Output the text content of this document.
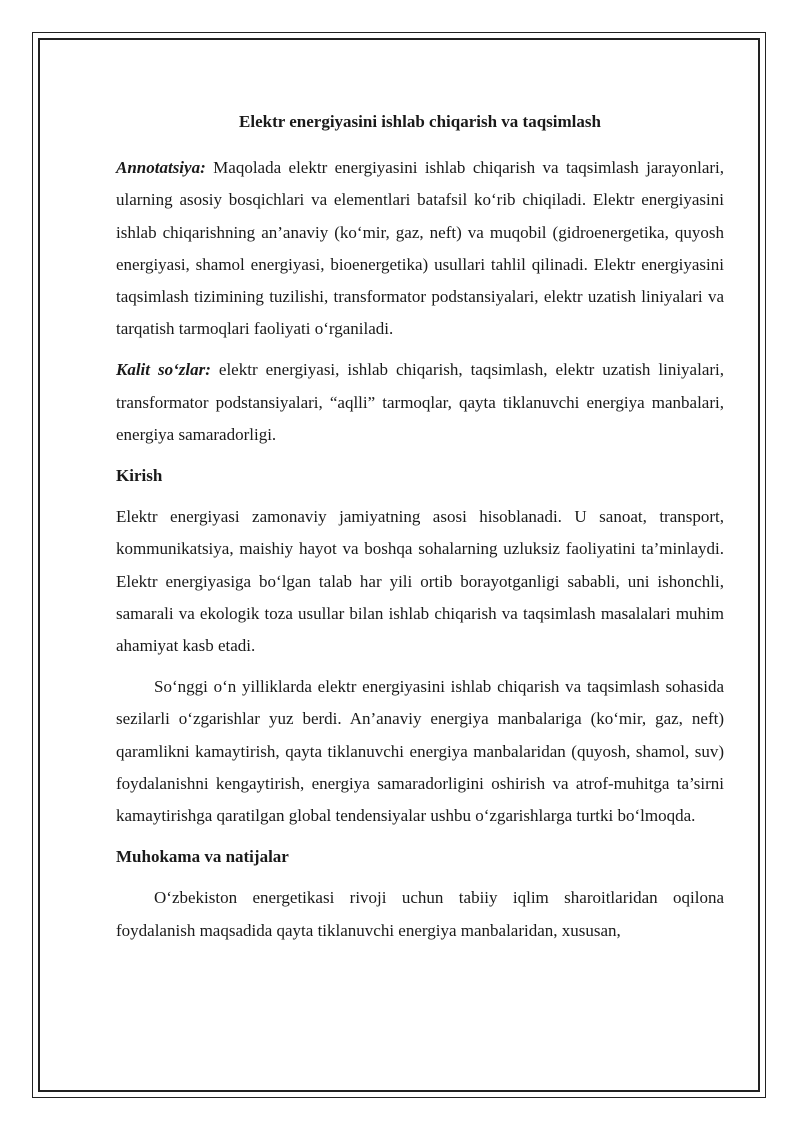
Elektr energiyasini ishlab chiqarish va taqsimlash

Annotatsiya: Maqolada elektr energiyasini ishlab chiqarish va taqsimlash jarayonlari, ularning asosiy bosqichlari va elementlari batafsil ko‘rib chiqiladi. Elektr energiyasini ishlab chiqarishning an’anaviy (ko‘mir, gaz, neft) va muqobil (gidroenergetika, quyosh energiyasi, shamol energiyasi, bioenergetika) usullari tahlil qilinadi. Elektr energiyasini taqsimlash tizimining tuzilishi, transformator podstansiyalari, elektr uzatish liniyalari va tarqatish tarmoqlari faoliyati o‘rganiladi.

Kalit so‘zlar: elektr energiyasi, ishlab chiqarish, taqsimlash, elektr uzatish liniyalari, transformator podstansiyalari, “aqlli” tarmoqlar, qayta tiklanuvchi energiya manbalari, energiya samaradorligi.

Kirish

Elektr energiyasi zamonaviy jamiyatning asosi hisoblanadi. U sanoat, transport, kommunikatsiya, maishiy hayot va boshqa sohalarning uzluksiz faoliyatini ta’minlaydi. Elektr energiyasiga bo‘lgan talab har yili ortib borayotganligi sababli, uni ishonchli, samarali va ekologik toza usullar bilan ishlab chiqarish va taqsimlash masalalari muhim ahamiyat kasb etadi.

So‘nggi o‘n yilliklarda elektr energiyasini ishlab chiqarish va taqsimlash sohasida sezilarli o‘zgarishlar yuz berdi. An’anaviy energiya manbalariga (ko‘mir, gaz, neft) qaramlikni kamaytirish, qayta tiklanuvchi energiya manbalaridan (quyosh, shamol, suv) foydalanishni kengaytirish, energiya samaradorligini oshirish va atrof-muhitga ta’sirni kamaytirishga qaratilgan global tendensiyalar ushbu o‘zgarishlarga turtki bo‘lmoqda.

Muhokama va natijalar

O‘zbekiston energetikasi rivoji uchun tabiiy iqlim sharoitlaridan oqilona foydalanish maqsadida qayta tiklanuvchi energiya manbalaridan, xususan,
